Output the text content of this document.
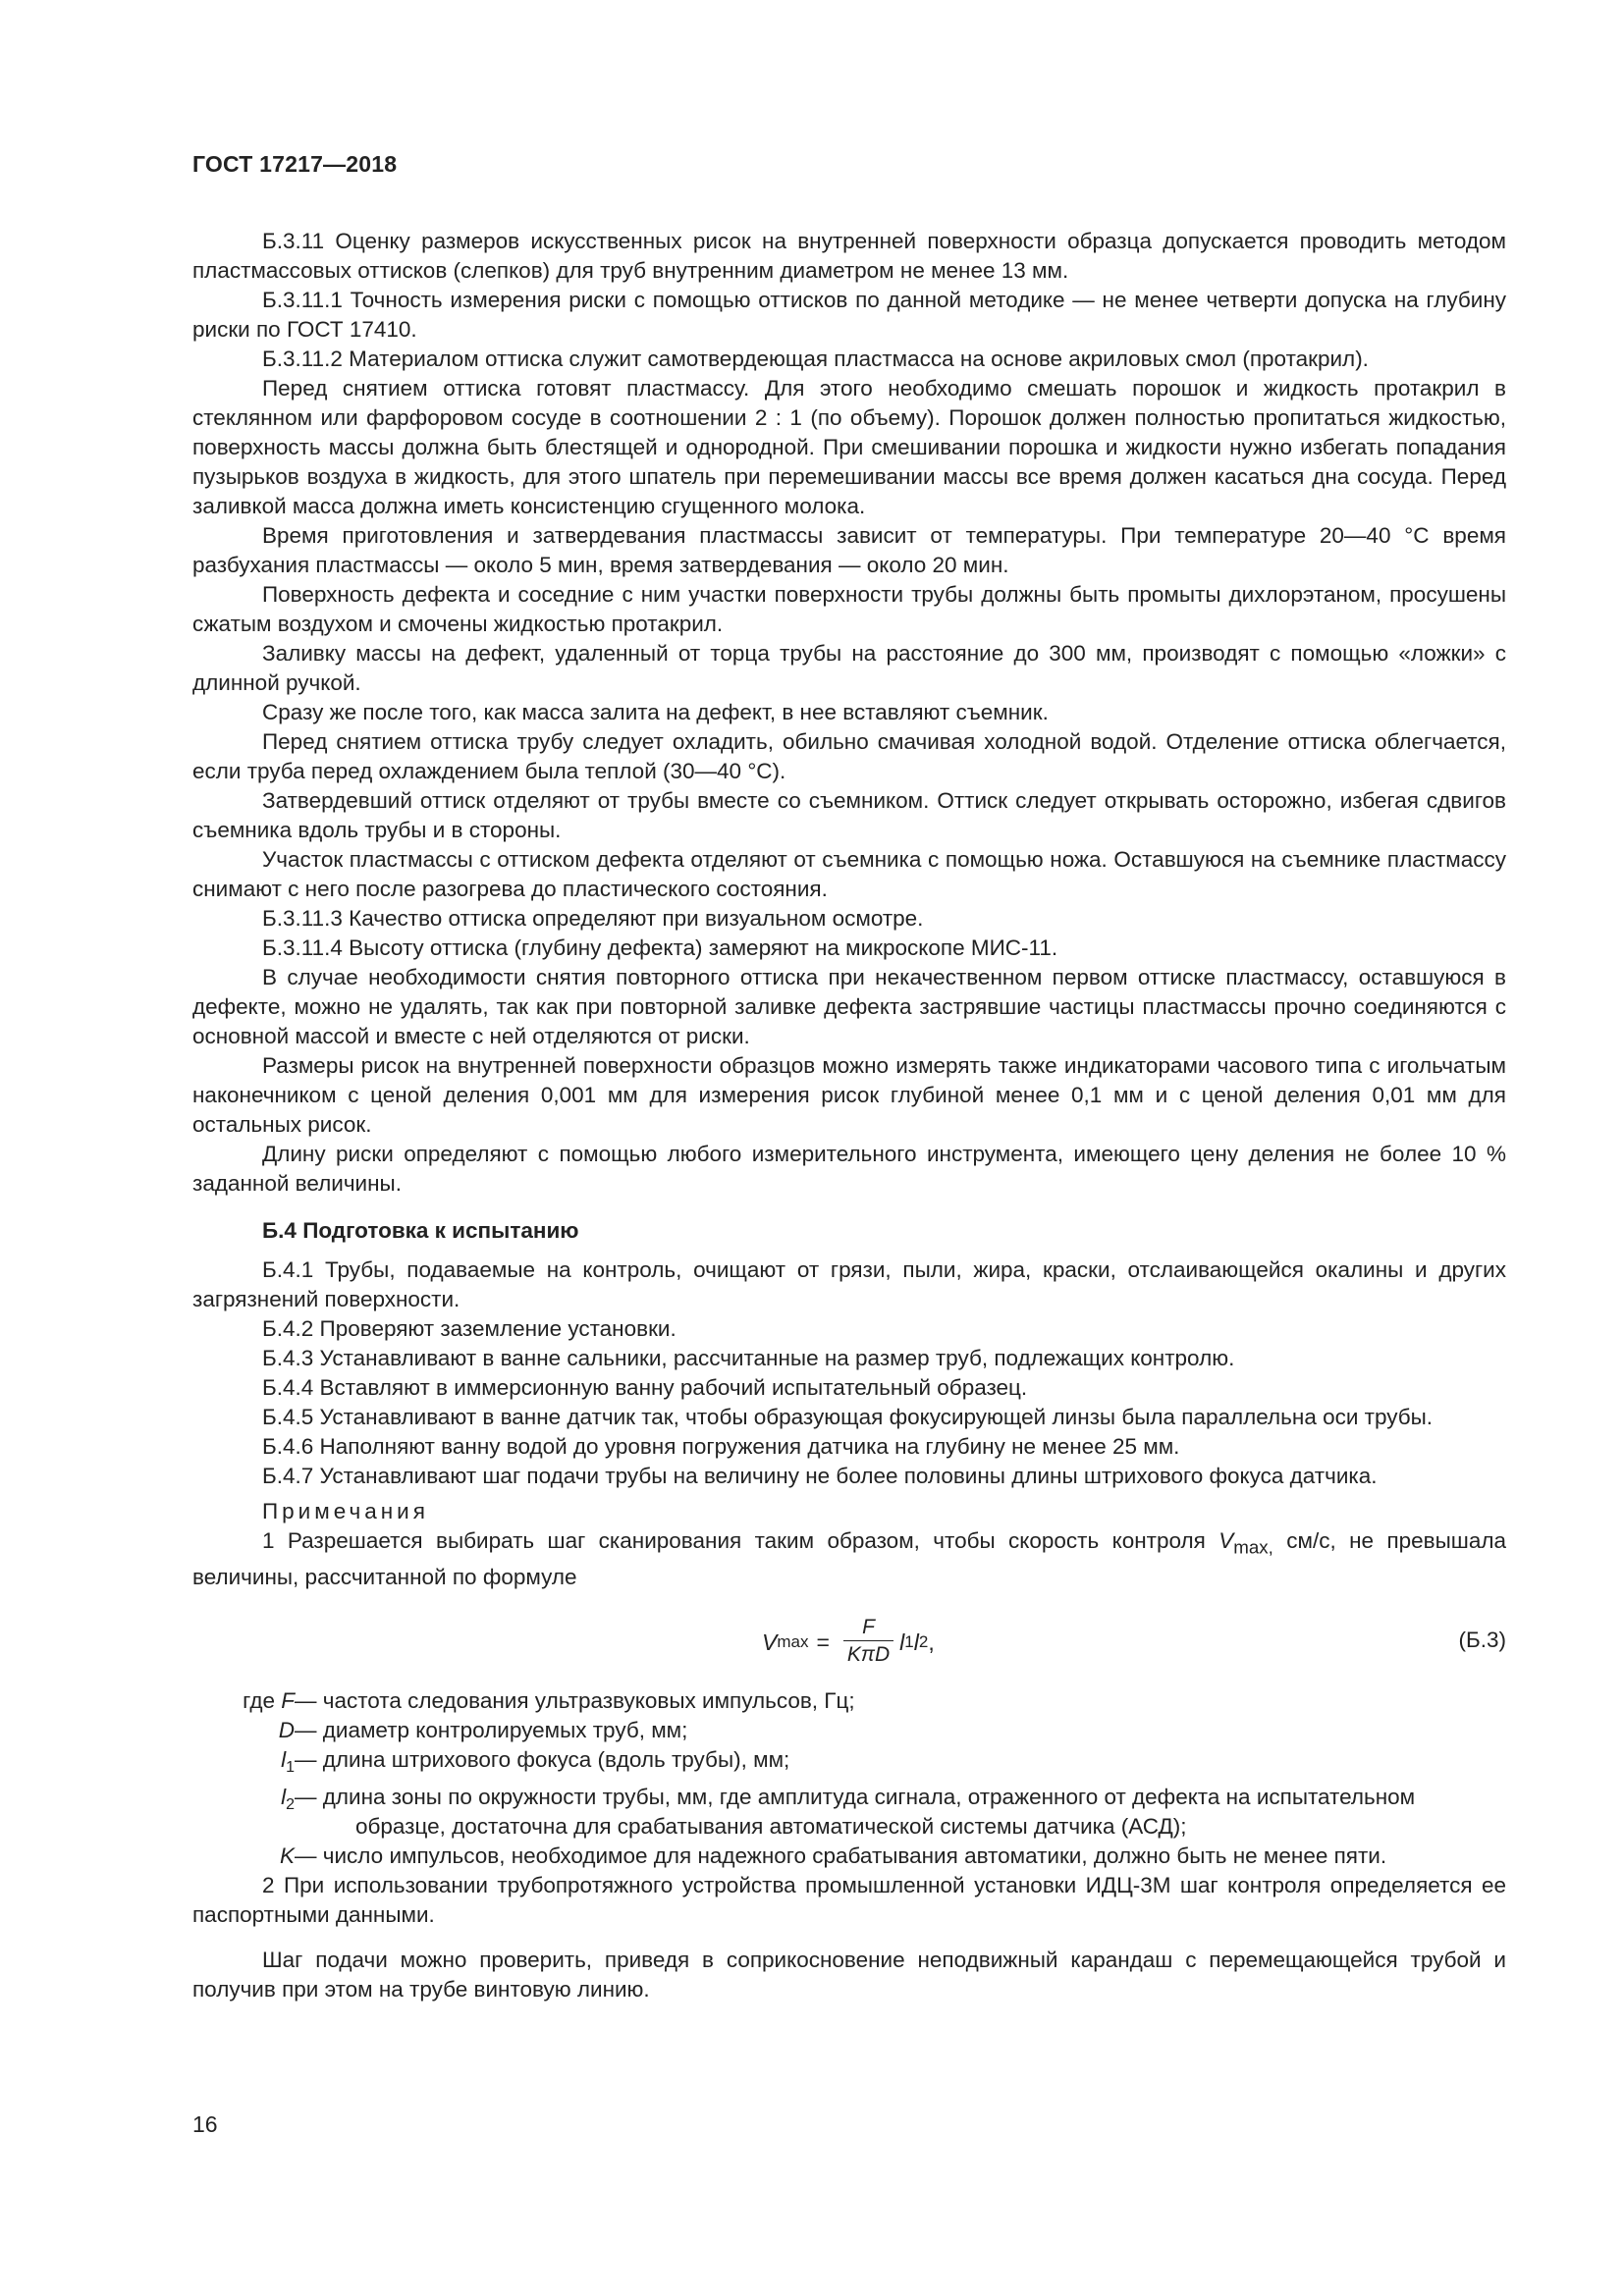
ГОСТ 17217—2018

Б.3.11 Оценку размеров искусственных рисок на внутренней поверхности образца допускается проводить методом пластмассовых оттисков (слепков) для труб внутренним диаметром не менее 13 мм.

Б.3.11.1 Точность измерения риски с помощью оттисков по данной методике — не менее четверти допуска на глубину риски по ГОСТ 17410.

Б.3.11.2 Материалом оттиска служит самотвердеющая пластмасса на основе акриловых смол (протакрил).

Перед снятием оттиска готовят пластмассу. Для этого необходимо смешать порошок и жидкость протакрил в стеклянном или фарфоровом сосуде в соотношении 2 : 1 (по объему). Порошок должен полностью пропитаться жидкостью, поверхность массы должна быть блестящей и однородной. При смешивании порошка и жидкости нужно избегать попадания пузырьков воздуха в жидкость, для этого шпатель при перемешивании массы все время должен касаться дна сосуда. Перед заливкой масса должна иметь консистенцию сгущенного молока.

Время приготовления и затвердевания пластмассы зависит от температуры. При температуре 20—40 °С время разбухания пластмассы — около 5 мин, время затвердевания — около 20 мин.

Поверхность дефекта и соседние с ним участки поверхности трубы должны быть промыты дихлорэтаном, просушены сжатым воздухом и смочены жидкостью протакрил.

Заливку массы на дефект, удаленный от торца трубы на расстояние до 300 мм, производят с помощью «ложки» с длинной ручкой.

Сразу же после того, как масса залита на дефект, в нее вставляют съемник.

Перед снятием оттиска трубу следует охладить, обильно смачивая холодной водой. Отделение оттиска облегчается, если труба перед охлаждением была теплой (30—40 °С).

Затвердевший оттиск отделяют от трубы вместе со съемником. Оттиск следует открывать осторожно, избегая сдвигов съемника вдоль трубы и в стороны.

Участок пластмассы с оттиском дефекта отделяют от съемника с помощью ножа. Оставшуюся на съемнике пластмассу снимают с него после разогрева до пластического состояния.

Б.3.11.3 Качество оттиска определяют при визуальном осмотре.

Б.3.11.4 Высоту оттиска (глубину дефекта) замеряют на микроскопе МИС-11.

В случае необходимости снятия повторного оттиска при некачественном первом оттиске пластмассу, оставшуюся в дефекте, можно не удалять, так как при повторной заливке дефекта застрявшие частицы пластмассы прочно соединяются с основной массой и вместе с ней отделяются от риски.

Размеры рисок на внутренней поверхности образцов можно измерять также индикаторами часового типа с игольчатым наконечником с ценой деления 0,001 мм для измерения рисок глубиной менее 0,1 мм и с ценой деления 0,01 мм для остальных рисок.

Длину риски определяют с помощью любого измерительного инструмента, имеющего цену деления не более 10 % заданной величины.

Б.4 Подготовка к испытанию

Б.4.1 Трубы, подаваемые на контроль, очищают от грязи, пыли, жира, краски, отслаивающейся окалины и других загрязнений поверхности.

Б.4.2 Проверяют заземление установки.

Б.4.3 Устанавливают в ванне сальники, рассчитанные на размер труб, подлежащих контролю.

Б.4.4 Вставляют в иммерсионную ванну рабочий испытательный образец.

Б.4.5 Устанавливают в ванне датчик так, чтобы образующая фокусирующей линзы была параллельна оси трубы.

Б.4.6 Наполняют ванну водой до уровня погружения датчика на глубину не менее 25 мм.

Б.4.7 Устанавливают шаг подачи трубы на величину не более половины длины штрихового фокуса датчика.

Примечания

1 Разрешается выбирать шаг сканирования таким образом, чтобы скорость контроля $V_{max,}$ см/с, не превышала величины, рассчитанной по формуле

V $\max = \frac{F}{\text{KπD}}$ l 1 l 2 ,	(Б.3)
где F — частота следования ультразвуковых импульсов, Гц;
D — диаметр контролируемых труб, мм;
$l_1$ — длина штрихового фокуса (вдоль трубы), мм;
$l_2$ — длина зоны по окружности трубы, мм, где амплитуда сигнала, отраженного от дефекта на испытательном
образце, достаточна для срабатывания автоматической системы датчика (АСД);
K — число импульсов, необходимое для надежного срабатывания автоматики, должно быть не менее пяти.

2 При использовании трубопротяжного устройства промышленной установки ИДЦ-3М шаг контроля определяется ее паспортными данными.

Шаг подачи можно проверить, приведя в соприкосновение неподвижный карандаш с перемещающейся трубой и получив при этом на трубе винтовую линию.

16
